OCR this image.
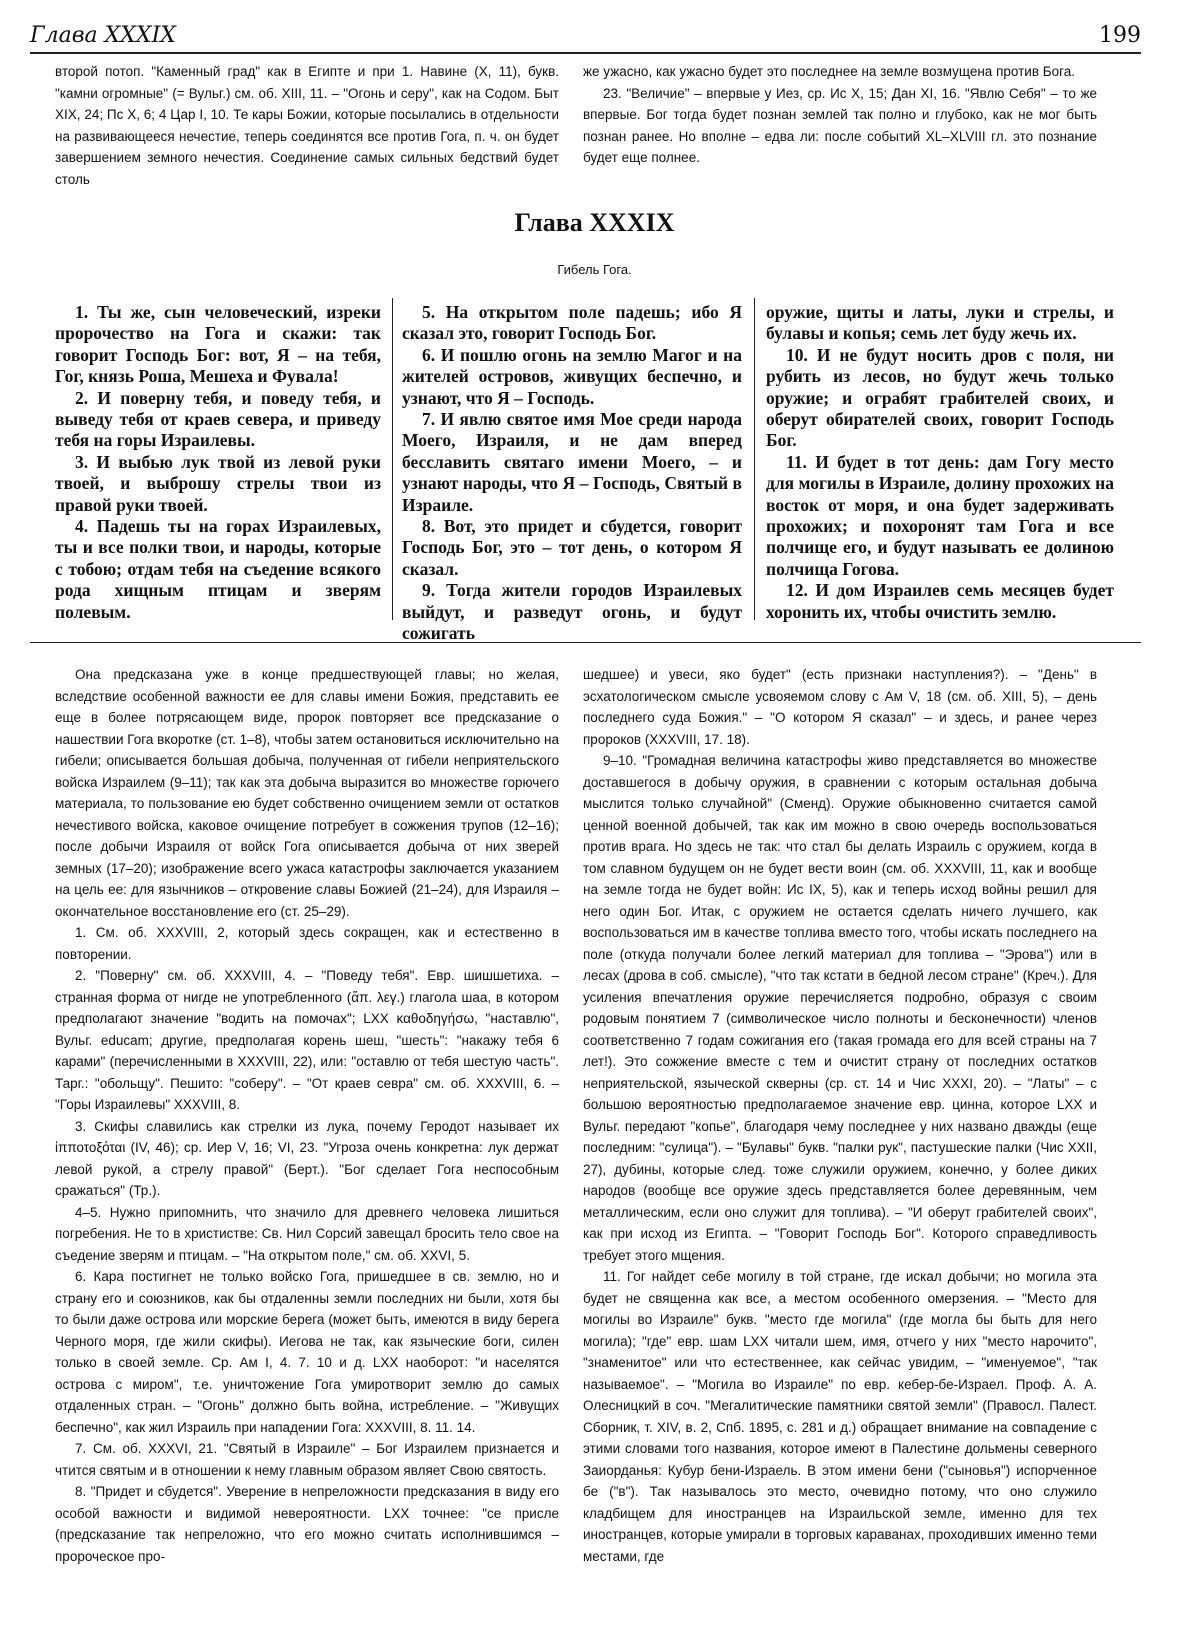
Глава XXXIX	199

второй потоп. "Каменный град" как в Египте и при 1. Навине (X, 11), букв. "камни огромные" (= Вульг.) см. об. XIII, 11. – "Огонь и серу", как на Содом. Быт XIX, 24; Пс X, 6; 4 Цар I, 10. Те кары Божии, которые посылались в отдельности на развивающееся нечестие, теперь соединятся все против Гога, п. ч. он будет завершением земного нечестия. Соединение самых сильных бедствий будет столь

же ужасно, как ужасно будет это последнее на земле возмущена против Бога.

23. "Величие" – впервые у Иез, ср. Ис X, 15; Дан XI, 16. "Явлю Себя" – то же впервые. Бог тогда будет познан землей так полно и глубоко, как не мог быть познан ранее. Но вполне – едва ли: после событий XL–XLVIII гл. это познание будет еще полнее.

Глава XXXIX
Гибель Гога.

1. Ты же, сын человеческий, изреки пророчество на Гога и скажи: так говорит Господь Бог: вот, Я – на тебя, Гог, князь Роша, Мешеха и Фувала!

2. И поверну тебя, и поведу тебя, и выведу тебя от краев севера, и приведу тебя на горы Израилевы.

3. И выбью лук твой из левой руки твоей, и выброшу стрелы твои из правой руки твоей.

4. Падешь ты на горах Израилевых, ты и все полки твои, и народы, которые с тобою; отдам тебя на съедение всякого рода хищным птицам и зверям полевым.

5. На открытом поле падешь; ибо Я сказал это, говорит Господь Бог.

6. И пошлю огонь на землю Магог и на жителей островов, живущих беспечно, и узнают, что Я – Господь.

7. И явлю святое имя Мое среди народа Моего, Израиля, и не дам вперед бесславить святаго имени Моего, – и узнают народы, что Я – Господь, Святый в Израиле.

8. Вот, это придет и сбудется, говорит Господь Бог, это – тот день, о котором Я сказал.

9. Тогда жители городов Израилевых выйдут, и разведут огонь, и будут сожигать

оружие, щиты и латы, луки и стрелы, и булавы и копья; семь лет буду жечь их.

10. И не будут носить дров с поля, ни рубить из лесов, но будут жечь только оружие; и ограбят грабителей своих, и оберут обирателей своих, говорит Господь Бог.

11. И будет в тот день: дам Гогу место для могилы в Израиле, долину прохожих на восток от моря, и она будет задерживать прохожих; и похоронят там Гога и все полчище его, и будут называть ее долиною полчища Гогова.

12. И дом Израилев семь месяцев будет хоронить их, чтобы очистить землю.

Она предсказана уже в конце предшествующей главы; но желая, вследствие особенной важности ее для славы имени Божия, представить ее еще в более потрясающем виде, пророк повторяет все предсказание о нашествии Гога вкоротке (ст. 1–8), чтобы затем остановиться исключительно на гибели; описывается большая добыча, полученная от гибели неприятельского войска Израилем (9–11); так как эта добыча выразится во множестве горючего материала, то пользование ею будет собственно очищением земли от остатков нечестивого войска, каковое очищение потребует в сожжения трупов (12–16); после добычи Израиля от войск Гога описывается добыча от них зверей земных (17–20); изображение всего ужаса катастрофы заключается указанием на цель ее: для язычников – откровение славы Божией (21–24), для Израиля – окончательное восстановление его (ст. 25–29).

1. См. об. XXXVIII, 2, который здесь сокращен, как и естественно в повторении.

2. "Поверну" см. об. XXXVIII, 4. – "Поведу тебя". Евр. шишшетиха. – странная форма от нигде не употребленного (ἅπ. λεγ.) глагола шаа, в котором предполагают значение "водить на помочах"; LXX καθοδηγήσω, "наставлю", Вульг. educam; другие, предполагая корень шеш, "шесть": "накажу тебя 6 карами" (перечисленными в XXXVIII, 22), или: "оставлю от тебя шестую часть". Тарг.: "обольщу". Пешито: "соберу". – "От краев севра" см. об. XXXVIII, 6. – "Горы Израилевы" XXXVIII, 8.

3. Скифы славились как стрелки из лука, почему Геродот называет их ἱπποτοξόται (IV, 46); ср. Иер V, 16; VI, 23. "Угроза очень конкретна: лук держат левой рукой, а стрелу правой" (Берт.). "Бог сделает Гога неспособным сражаться" (Тр.).

4–5. Нужно припомнить, что значило для древнего человека лишиться погребения. Не то в христистве: Св. Нил Сорсий завещал бросить тело свое на съедение зверям и птицам. – "На открытом поле," см. об. XXVI, 5.

6. Кара постигнет не только войско Гога, пришедшее в св. землю, но и страну его и союзников, как бы отдаленны земли последних ни были, хотя бы то были даже острова или морские берега (может быть, имеются в виду берега Черного моря, где жили скифы). Иегова не так, как языческие боги, силен только в своей земле. Ср. Ам I, 4. 7. 10 и д. LXX наоборот: "и населятся острова с миром", т.е. уничтожение Гога умиротворит землю до самых отдаленных стран. – "Огонь" должно быть война, истребление. – "Живущих беспечно", как жил Израиль при нападении Гога: XXXVIII, 8. 11. 14.

7. См. об. XXXVI, 21. "Святый в Израиле" – Бог Израилем признается и чтится святым и в отношении к нему главным образом являет Свою святость.

8. "Придет и сбудется". Уверение в непреложности предсказания в виду его особой важности и видимой невероятности. LXX точнее: "се присле (предсказание так непреложно, что его можно считать исполнившимся – пророческое про-

шедшее) и увеси, яко будет" (есть признаки наступления?). – "День" в эсхатологическом смысле усвояемом слову с Ам V, 18 (см. об. XIII, 5), – день последнего суда Божия." – "О котором Я сказал" – и здесь, и ранее через пророков (XXXVIII, 17. 18).

9–10. "Громадная величина катастрофы живо представляется во множестве доставшегося в добычу оружия, в сравнении с которым остальная добыча мыслится только случайной" (Сменд). Оружие обыкновенно считается самой ценной военной добычей, так как им можно в свою очередь воспользоваться против врага. Но здесь не так: что стал бы делать Израиль с оружием, когда в том славном будущем он не будет вести воин (см. об. XXXVIII, 11, как и вообще на земле тогда не будет войн: Ис IX, 5), как и теперь исход войны решил для него один Бог. Итак, с оружием не остается сделать ничего лучшего, как воспользоваться им в качестве топлива вместо того, чтобы искать последнего на поле (откуда получали более легкий материал для топлива – "Эрова") или в лесах (дрова в соб. смысле), "что так кстати в бедной лесом стране" (Креч.). Для усиления впечатления оружие перечисляется подробно, образуя с своим родовым понятием 7 (символическое число полноты и бесконечности) членов соответственно 7 годам сожигания его (такая громада его для всей страны на 7 лет!). Это сожжение вместе с тем и очистит страну от последних остатков неприятельской, языческой скверны (ср. ст. 14 и Чис XXXI, 20). – "Латы" – с большою вероятностью предполагаемое значение евр. цинна, которое LXX и Вульг. передают "копье", благодаря чему последнее у них названо дважды (еще последним: "сулица"). – "Булавы" букв. "палки рук", пастушеские палки (Чис XXII, 27), дубины, которые след. тоже служили оружием, конечно, у более диких народов (вообще все оружие здесь представляется более деревянным, чем металлическим, если оно служит для топлива). – "И оберут грабителей своих", как при исход из Египта. – "Говорит Господь Бог". Которого справедливость требует этого мщения.

11. Гог найдет себе могилу в той стране, где искал добычи; но могила эта будет не священна как все, а местом особенного омерзения. – "Место для могилы во Израиле" букв. "место где могила" (где могла бы быть для него могила); "где" евр. шам LXX читали шем, имя, отчего у них "место нарочито", "знаменитое" или что естественнее, как сейчас увидим, – "именуемое", "так называемое". – "Могила во Израиле" по евр. кебер-бе-Израел. Проф. А. А. Олесницкий в соч. "Мегалитические памятники святой земли" (Правосл. Палест. Сборник, т. XIV, в. 2, Спб. 1895, с. 281 и д.) обращает внимание на совпадение с этими словами того названия, которое имеют в Палестине дольмены северного Заиорданья: Кубур бени-Израель. В этом имени бени ("сыновья") испорченное бе ("в"). Так называлось это место, очевидно потому, что оно служило кладбищем для иностранцев на Израильской земле, именно для тех иностранцев, которые умирали в торговых караванах, проходивших именно теми местами, где
